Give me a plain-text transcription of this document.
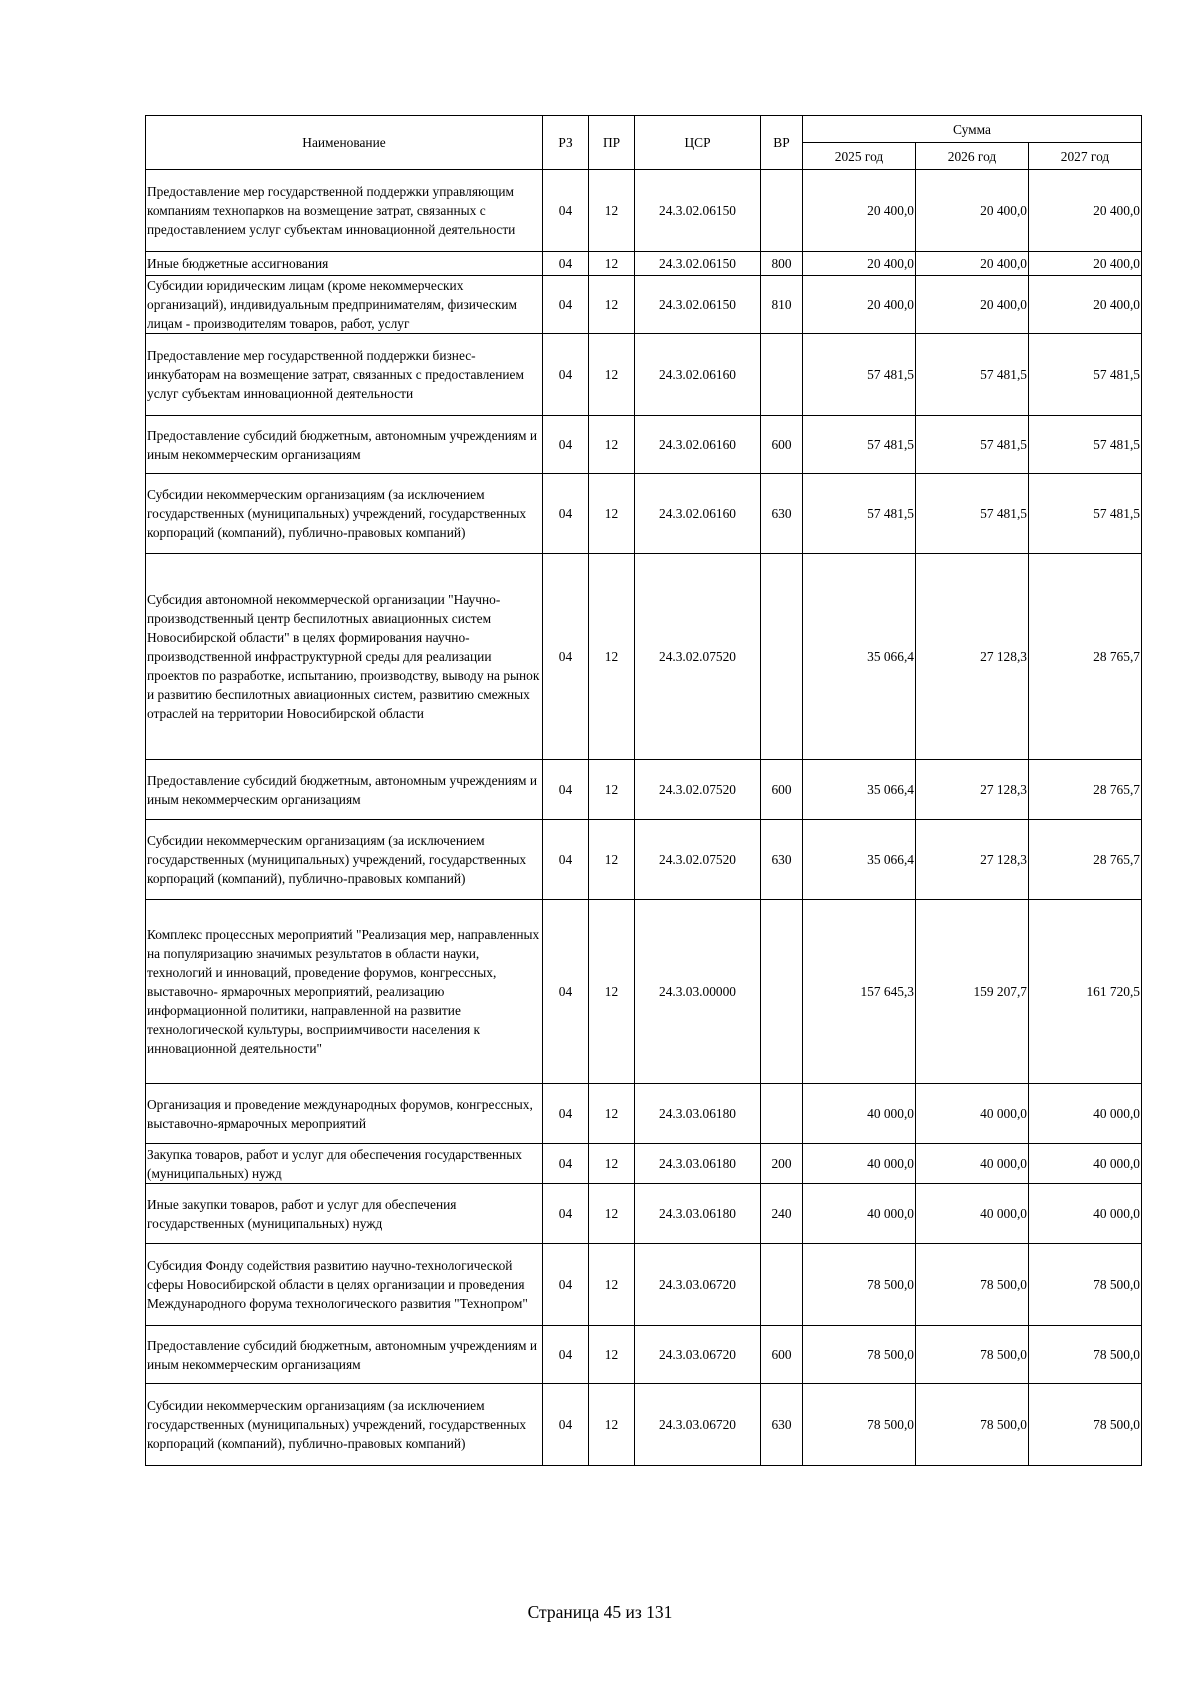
Наименование	РЗ	ПР	ЦСР	ВР	Сумма		
					2025 год	2026 год	2027 год
Предоставление мер государственной поддержки управляющим компаниям технопарков на возмещение затрат, связанных с предоставлением услуг субъектам инновационной деятельности	04	12	24.3.02.06150		20 400,0	20 400,0	20 400,0
Иные бюджетные ассигнования	04	12	24.3.02.06150	800	20 400,0	20 400,0	20 400,0
Субсидии юридическим лицам (кроме некоммерческих организаций), индивидуальным предпринимателям, физическим лицам - производителям товаров, работ, услуг	04	12	24.3.02.06150	810	20 400,0	20 400,0	20 400,0
Предоставление мер государственной поддержки бизнес-инкубаторам на возмещение затрат, связанных с предоставлением услуг субъектам инновационной деятельности	04	12	24.3.02.06160		57 481,5	57 481,5	57 481,5
Предоставление субсидий бюджетным, автономным учреждениям и иным некоммерческим организациям	04	12	24.3.02.06160	600	57 481,5	57 481,5	57 481,5
Субсидии некоммерческим организациям (за исключением государственных (муниципальных) учреждений, государственных корпораций (компаний), публично-правовых компаний)	04	12	24.3.02.06160	630	57 481,5	57 481,5	57 481,5
Субсидия автономной некоммерческой организации "Научно-производственный центр беспилотных авиационных систем Новосибирской области" в целях формирования научно-производственной инфраструктурной среды для реализации проектов по разработке, испытанию, производству, выводу на рынок и развитию беспилотных авиационных систем, развитию смежных отраслей на территории Новосибирской области	04	12	24.3.02.07520		35 066,4	27 128,3	28 765,7
Предоставление субсидий бюджетным, автономным учреждениям и иным некоммерческим организациям	04	12	24.3.02.07520	600	35 066,4	27 128,3	28 765,7
Субсидии некоммерческим организациям (за исключением государственных (муниципальных) учреждений, государственных корпораций (компаний), публично-правовых компаний)	04	12	24.3.02.07520	630	35 066,4	27 128,3	28 765,7
Комплекс процессных мероприятий "Реализация мер, направленных на популяризацию значимых результатов в области науки, технологий и инноваций, проведение форумов, конгрессных, выставочно- ярмарочных мероприятий, реализацию информационной политики, направленной на развитие технологической культуры, восприимчивости населения к инновационной деятельности"	04	12	24.3.03.00000		157 645,3	159 207,7	161 720,5
Организация и проведение международных форумов, конгрессных, выставочно-ярмарочных мероприятий	04	12	24.3.03.06180		40 000,0	40 000,0	40 000,0
Закупка товаров, работ и услуг для обеспечения государственных (муниципальных) нужд	04	12	24.3.03.06180	200	40 000,0	40 000,0	40 000,0
Иные закупки товаров, работ и услуг для обеспечения государственных (муниципальных) нужд	04	12	24.3.03.06180	240	40 000,0	40 000,0	40 000,0
Субсидия Фонду содействия развитию научно-технологической сферы Новосибирской области в целях организации и проведения Международного форума технологического развития "Технопром"	04	12	24.3.03.06720		78 500,0	78 500,0	78 500,0
Предоставление субсидий бюджетным, автономным учреждениям и иным некоммерческим организациям	04	12	24.3.03.06720	600	78 500,0	78 500,0	78 500,0
Субсидии некоммерческим организациям (за исключением государственных (муниципальных) учреждений, государственных корпораций (компаний), публично-правовых компаний)	04	12	24.3.03.06720	630	78 500,0	78 500,0	78 500,0
Страница 45 из 131
